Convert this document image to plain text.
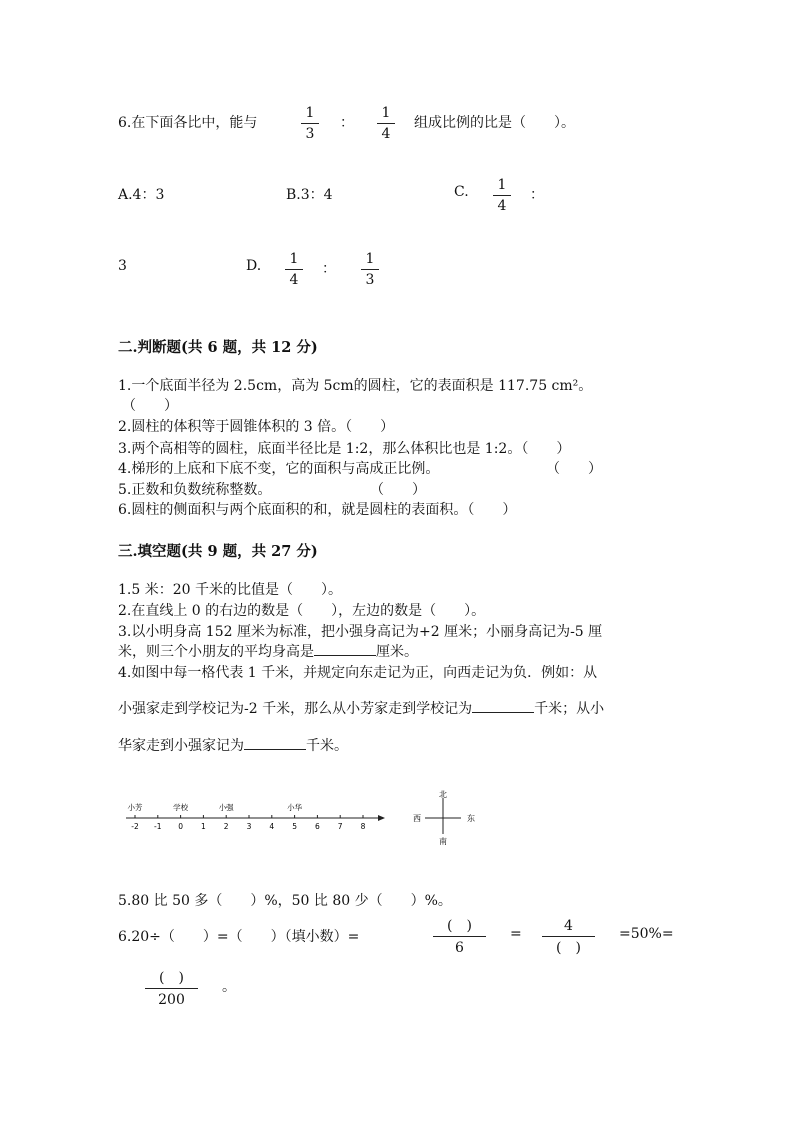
6.在下面各比中，能与	$\frac{1}{3}$ ： $\frac{1}{4}$ 组成比例的比是（　　）。
A.4：3	B.3：4	C. $\frac{1}{4}$ ：
3	D. $\frac{1}{4}$ ： $\frac{1}{3}$
二.判断题(共 6 题，共 12 分)
1.一个底面半径为 2.5cm，高为 5cm的圆柱，它的表面积是 117.75 cm²。
（　　）
2.圆柱的体积等于圆锥体积的 3 倍。（　　）
3.两个高相等的圆柱，底面半径比是 1:2，那么体积比也是 1:2。（　　）
4.梯形的上底和下底不变，它的面积与高成正比例。	（　　）
5.正数和负数统称整数。	（　　）
6.圆柱的侧面积与两个底面积的和，就是圆柱的表面积。（　　）
三.填空题(共 9 题，共 27 分)
1.5 米：20 千米的比值是（　　）。
2.在直线上 0 的右边的数是（　　），左边的数是（　　）。
3.以小明身高 152 厘米为标准，把小强身高记为+2 厘米；小丽身高记为-5 厘
米，则三个小朋友的平均身高是	厘米。
4.如图中每一格代表 1 千米，并规定向东走记为正，向西走记为负．例如：从
小强家走到学校记为-2 千米，那么从小芳家走到学校记为	千米；从小
华家走到小强家记为	千米。
小芳	学校	小强	小华
-2 -1 0 1 2 3 4 5 6 7 8
北
南
东
西
5.80 比 50 多（　　）%，50 比 80 少（　　）%。
6.20÷（　　）=（　　）（填小数）=
(　)
6
=	4
(　)
=50%=
(　)
200
。
